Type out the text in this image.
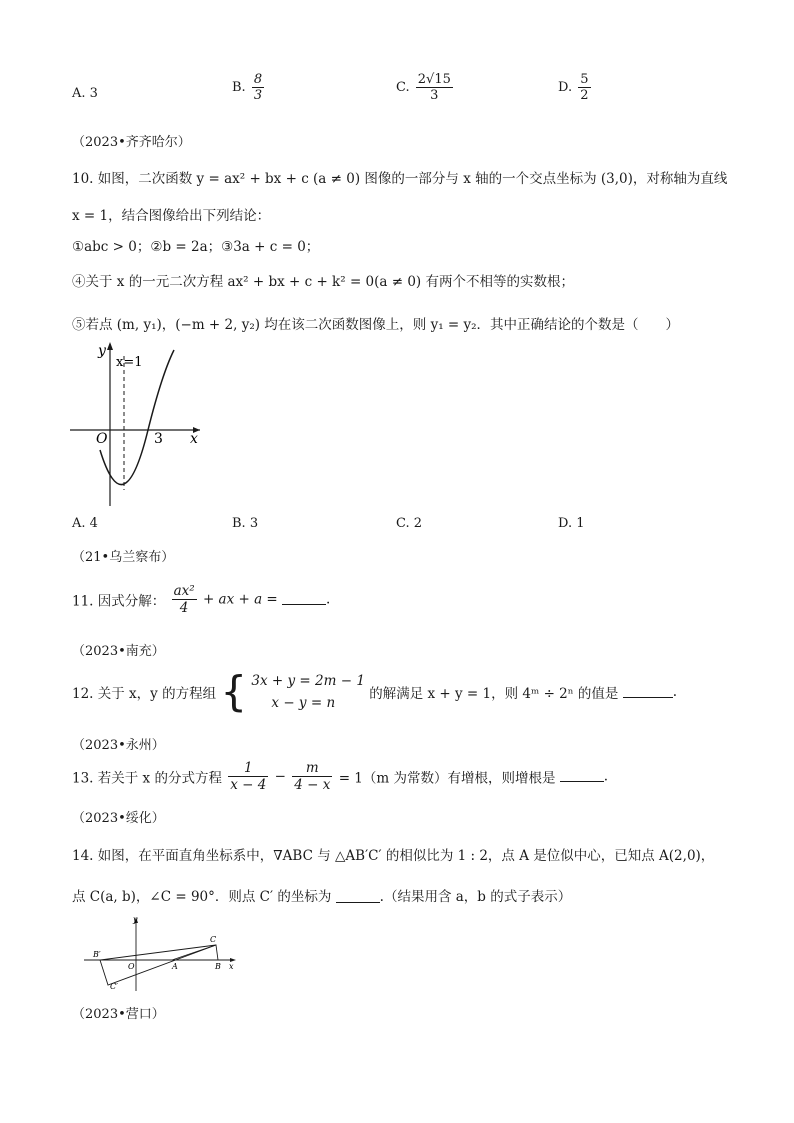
A. 3	B. $\frac{8}{3}$	C. $\frac{2√15}{3}$	D. $\frac{5}{2}$
（2023•齐齐哈尔）
10. 如图，二次函数 y = ax² + bx + c (a ≠ 0) 图像的一部分与 x 轴的一个交点坐标为 (3,0)，对称轴为直线
x = 1，结合图像给出下列结论：
①abc > 0；②b = 2a；③3a + c = 0；
④关于 x 的一元二次方程 ax² + bx + c + k² = 0(a ≠ 0) 有两个不相等的实数根；
⑤若点 (m, y₁)，(−m + 2, y₂) 均在该二次函数图像上，则 y₁ = y₂．其中正确结论的个数是（　　）
y
x
O	3
x=1
A. 4	B. 3	C. 2	D. 1
（21•乌兰察布）
11. 因式分解： $\frac{\text{ax²}}{4}$ + ax + a =	.
（2023•南充）
12. 关于 x，y 的方程组 { 3x + y = 2m − 1
x − y = n
的解满足 x + y = 1，则 4ᵐ ÷ 2ⁿ 的值是	.
（2023•永州）
13. 若关于 x 的分式方程 $\frac{1}{x - 4} - \frac{m}{4 - x} = 1(m$ 为常数）有增根，则增根是	.
（2023•绥化）
14. 如图，在平面直角坐标系中，∇ABC 与 △AB′C′ 的相似比为 1 : 2，点 A 是位似中心，已知点 A(2,0)，
点 C(a, b)，∠C = 90°．则点 C′ 的坐标为	.（结果用含 a，b 的式子表示）
y
x
O	A	B
C
B′
C′
（2023•营口）
